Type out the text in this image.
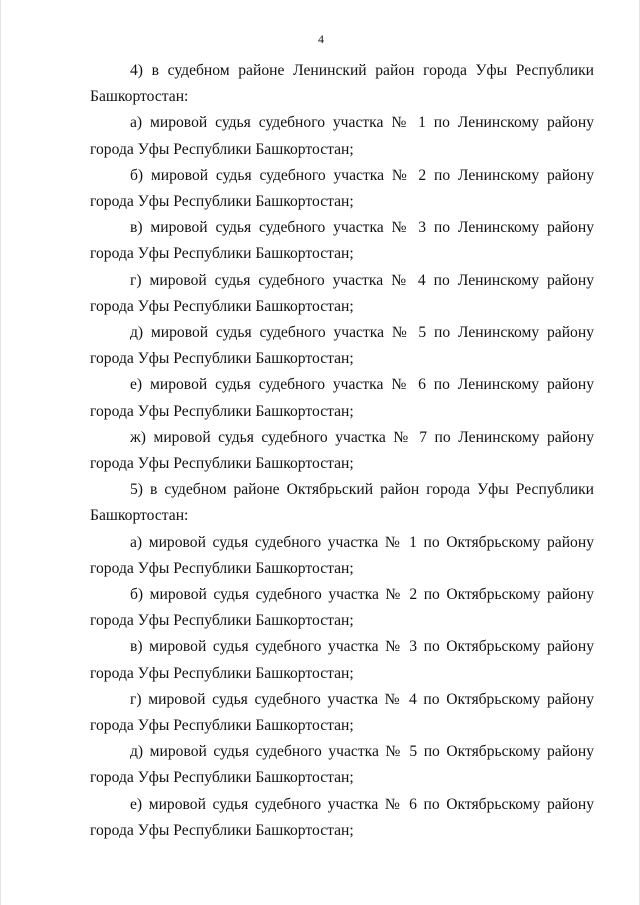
4

4) в судебном районе Ленинский район города Уфы Республики Башкортостан:

а) мировой судья судебного участка № 1 по Ленинскому району города Уфы Республики Башкортостан;

б) мировой судья судебного участка № 2 по Ленинскому району города Уфы Республики Башкортостан;

в) мировой судья судебного участка № 3 по Ленинскому району города Уфы Республики Башкортостан;

г) мировой судья судебного участка № 4 по Ленинскому району города Уфы Республики Башкортостан;

д) мировой судья судебного участка № 5 по Ленинскому району города Уфы Республики Башкортостан;

е) мировой судья судебного участка № 6 по Ленинскому району города Уфы Республики Башкортостан;

ж) мировой судья судебного участка № 7 по Ленинскому району города Уфы Республики Башкортостан;

5) в судебном районе Октябрьский район города Уфы Республики Башкортостан:

а) мировой судья судебного участка № 1 по Октябрьскому району города Уфы Республики Башкортостан;

б) мировой судья судебного участка № 2 по Октябрьскому району города Уфы Республики Башкортостан;

в) мировой судья судебного участка № 3 по Октябрьскому району города Уфы Республики Башкортостан;

г) мировой судья судебного участка № 4 по Октябрьскому району города Уфы Республики Башкортостан;

д) мировой судья судебного участка № 5 по Октябрьскому району города Уфы Республики Башкортостан;

е) мировой судья судебного участка № 6 по Октябрьскому району города Уфы Республики Башкортостан;
